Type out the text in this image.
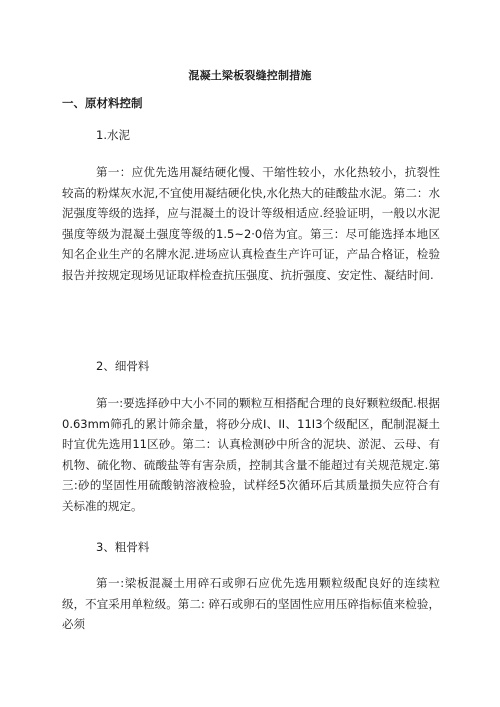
混凝土梁板裂缝控制措施
一、原材料控制
1.水泥

第一：应优先选用凝结硬化慢、干缩性较小，水化热较小，抗裂性较高的粉煤灰水泥,不宜使用凝结硬化快,水化热大的硅酸盐水泥。第二：水泥强度等级的选择，应与混凝土的设计等级相适应.经验证明，一般以水泥强度等级为混凝土强度等级的1.5~2·0倍为宜。第三：尽可能选择本地区知名企业生产的名牌水泥.进场应认真检查生产许可证，产品合格证，检验报告并按规定现场见证取样检查抗压强度、抗折强度、安定性、凝结时间.

2、细骨料

第一:要选择砂中大小不同的颗粒互相搭配合理的良好颗粒级配.根据0.63mm筛孔的累计筛余量，将砂分成I、II、11I3个级配区，配制混凝土时宜优先选用11区砂。第二：认真检测砂中所含的泥块、淤泥、云母、有机物、硫化物、硫酸盐等有害杂质，控制其含量不能超过有关规范规定.第三:砂的坚固性用硫酸钠溶液检验，试样经5次循环后其质量损失应符合有关标准的规定。

3、粗骨料

第一:梁板混凝土用碎石或卵石应优先选用颗粒级配良好的连续粒级，不宜采用单粒级。第二: 碎石或卵石的坚固性应用压碎指标值来检验，必须
